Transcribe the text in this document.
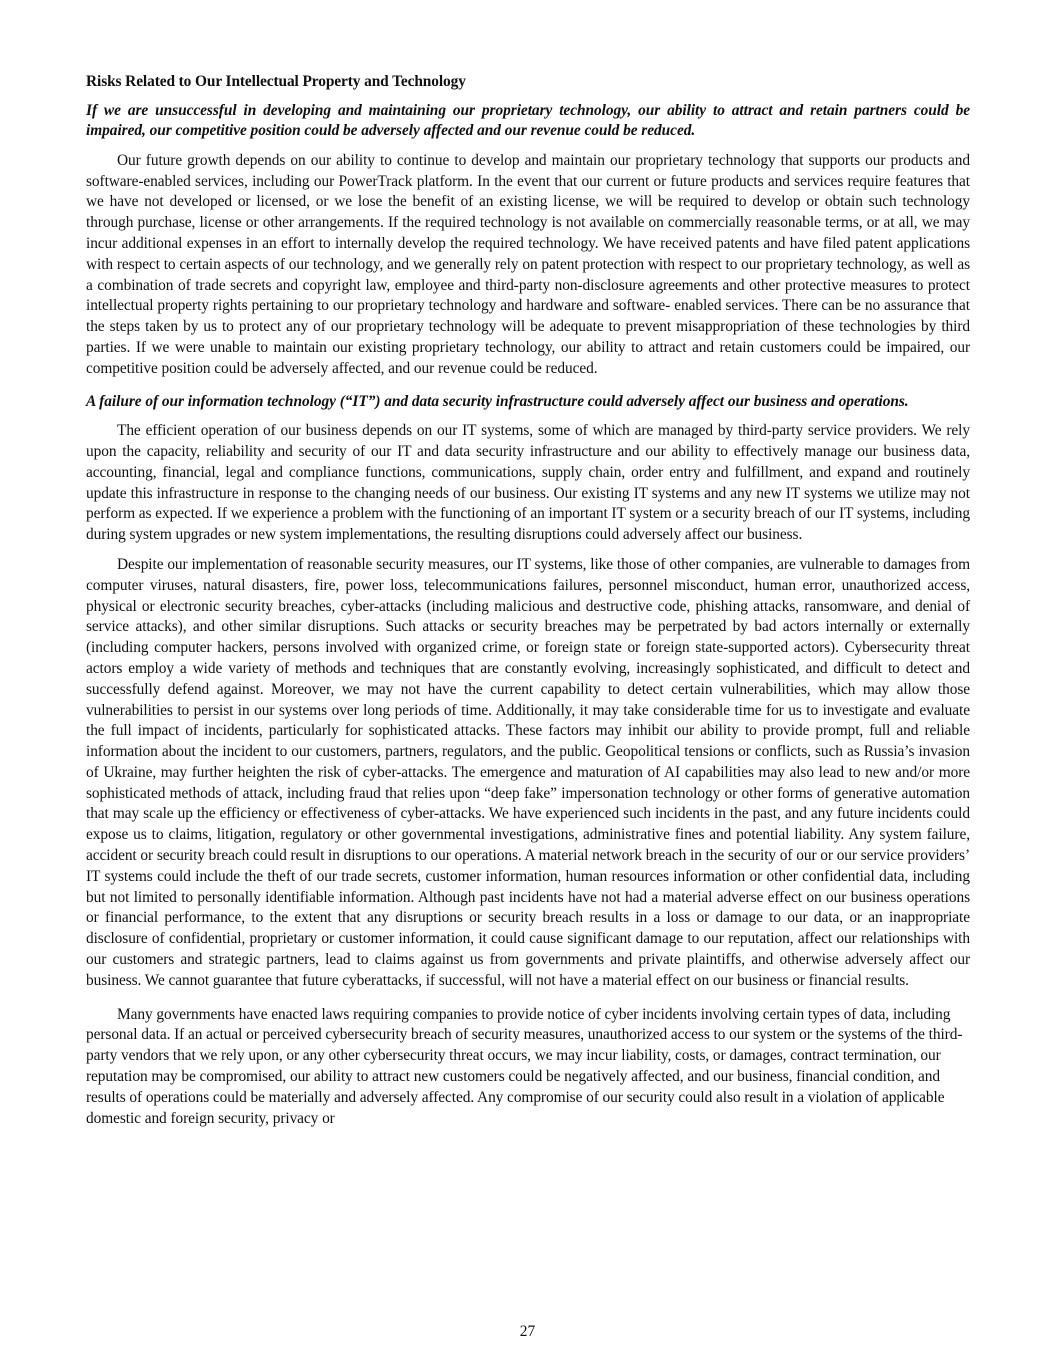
Risks Related to Our Intellectual Property and Technology
If we are unsuccessful in developing and maintaining our proprietary technology, our ability to attract and retain partners could be impaired, our competitive position could be adversely affected and our revenue could be reduced.

Our future growth depends on our ability to continue to develop and maintain our proprietary technology that supports our products and software-enabled services, including our PowerTrack platform. In the event that our current or future products and services require features that we have not developed or licensed, or we lose the benefit of an existing license, we will be required to develop or obtain such technology through purchase, license or other arrangements. If the required technology is not available on commercially reasonable terms, or at all, we may incur additional expenses in an effort to internally develop the required technology. We have received patents and have filed patent applications with respect to certain aspects of our technology, and we generally rely on patent protection with respect to our proprietary technology, as well as a combination of trade secrets and copyright law, employee and third-party non-disclosure agreements and other protective measures to protect intellectual property rights pertaining to our proprietary technology and hardware and software- enabled services. There can be no assurance that the steps taken by us to protect any of our proprietary technology will be adequate to prevent misappropriation of these technologies by third parties. If we were unable to maintain our existing proprietary technology, our ability to attract and retain customers could be impaired, our competitive position could be adversely affected, and our revenue could be reduced.

A failure of our information technology (“IT”) and data security infrastructure could adversely affect our business and operations.

The efficient operation of our business depends on our IT systems, some of which are managed by third-party service providers. We rely upon the capacity, reliability and security of our IT and data security infrastructure and our ability to effectively manage our business data, accounting, financial, legal and compliance functions, communications, supply chain, order entry and fulfillment, and expand and routinely update this infrastructure in response to the changing needs of our business. Our existing IT systems and any new IT systems we utilize may not perform as expected. If we experience a problem with the functioning of an important IT system or a security breach of our IT systems, including during system upgrades or new system implementations, the resulting disruptions could adversely affect our business.

Despite our implementation of reasonable security measures, our IT systems, like those of other companies, are vulnerable to damages from computer viruses, natural disasters, fire, power loss, telecommunications failures, personnel misconduct, human error, unauthorized access, physical or electronic security breaches, cyber-attacks (including malicious and destructive code, phishing attacks, ransomware, and denial of service attacks), and other similar disruptions. Such attacks or security breaches may be perpetrated by bad actors internally or externally (including computer hackers, persons involved with organized crime, or foreign state or foreign state-supported actors). Cybersecurity threat actors employ a wide variety of methods and techniques that are constantly evolving, increasingly sophisticated, and difficult to detect and successfully defend against. Moreover, we may not have the current capability to detect certain vulnerabilities, which may allow those vulnerabilities to persist in our systems over long periods of time. Additionally, it may take considerable time for us to investigate and evaluate the full impact of incidents, particularly for sophisticated attacks. These factors may inhibit our ability to provide prompt, full and reliable information about the incident to our customers, partners, regulators, and the public. Geopolitical tensions or conflicts, such as Russia’s invasion of Ukraine, may further heighten the risk of cyber-attacks. The emergence and maturation of AI capabilities may also lead to new and/or more sophisticated methods of attack, including fraud that relies upon “deep fake” impersonation technology or other forms of generative automation that may scale up the efficiency or effectiveness of cyber-attacks. We have experienced such incidents in the past, and any future incidents could expose us to claims, litigation, regulatory or other governmental investigations, administrative fines and potential liability. Any system failure, accident or security breach could result in disruptions to our operations. A material network breach in the security of our or our service providers’ IT systems could include the theft of our trade secrets, customer information, human resources information or other confidential data, including but not limited to personally identifiable information. Although past incidents have not had a material adverse effect on our business operations or financial performance, to the extent that any disruptions or security breach results in a loss or damage to our data, or an inappropriate disclosure of confidential, proprietary or customer information, it could cause significant damage to our reputation, affect our relationships with our customers and strategic partners, lead to claims against us from governments and private plaintiffs, and otherwise adversely affect our business. We cannot guarantee that future cyberattacks, if successful, will not have a material effect on our business or financial results.

Many governments have enacted laws requiring companies to provide notice of cyber incidents involving certain types of data, including personal data. If an actual or perceived cybersecurity breach of security measures, unauthorized access to our system or the systems of the third-party vendors that we rely upon, or any other cybersecurity threat occurs, we may incur liability, costs, or damages, contract termination, our reputation may be compromised, our ability to attract new customers could be negatively affected, and our business, financial condition, and results of operations could be materially and adversely affected. Any compromise of our security could also result in a violation of applicable domestic and foreign security, privacy or

27
